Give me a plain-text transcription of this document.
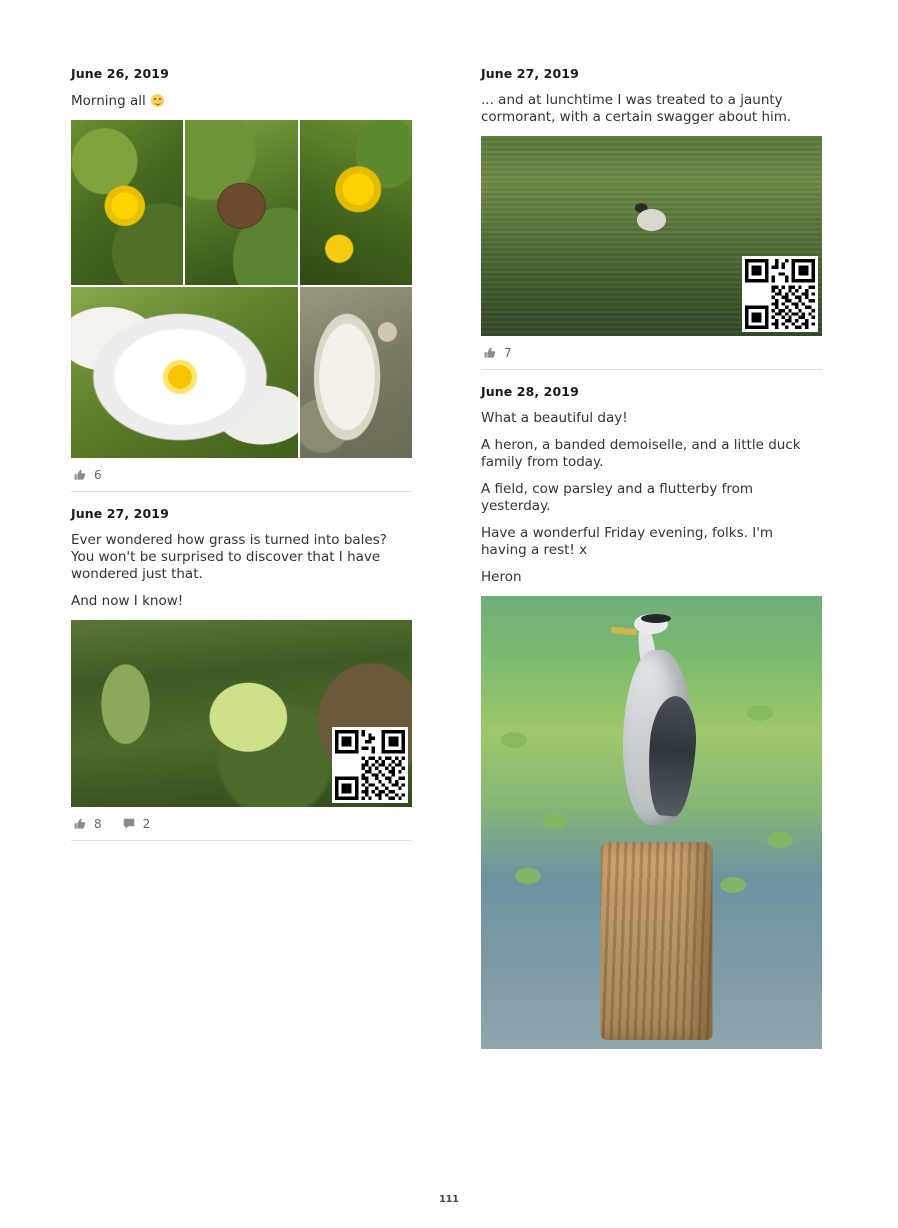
June 26, 2019

Morning all

6
June 27, 2019

Ever wondered how grass is turned into bales? You won't be surprised to discover that I have wondered just that.

And now I know!

8	2
June 27, 2019

... and at lunchtime I was treated to a jaunty cormorant, with a certain swagger about him.

7
June 28, 2019

What a beautiful day!

A heron, a banded demoiselle, and a little duck family from today.

A field, cow parsley and a flutterby from yesterday.

Have a wonderful Friday evening, folks. I'm having a rest! x

Heron

111
